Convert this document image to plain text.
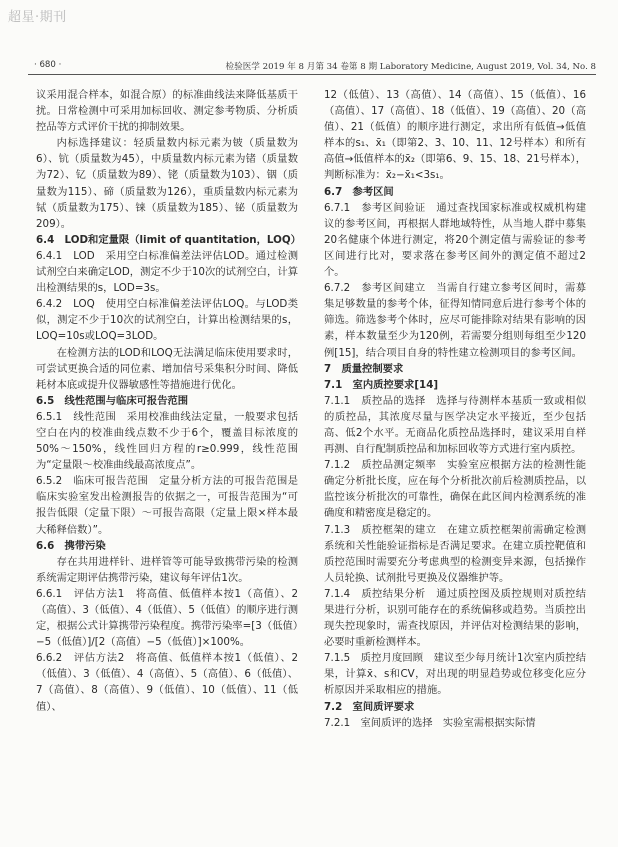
超星·期刊
· 680 ·	检验医学 2019 年 8 月第 34 卷第 8 期 Laboratory Medicine, August 2019, Vol. 34, No. 8

议采用混合样本，如混合原）的标准曲线法来降低基质干扰。日常检测中可采用加标回收、测定参考物质、分析质控品等方式评价干扰的抑制效果。

内标选择建议：轻质量数内标元素为铍（质量数为6）、钪（质量数为45），中质量数内标元素为锗（质量数为72）、钇（质量数为89）、铑（质量数为103）、铟（质量数为115）、碲（质量数为126），重质量数内标元素为铽（质量数为175）、铼（质量数为185）、铋（质量数为209）。

6.4　LOD和定量限（limit of quantitation，LOQ）

6.4.1　LOD　采用空白标准偏差法评估LOD。通过检测试剂空白来确定LOD，测定不少于10次的试剂空白，计算出检测结果的s，LOD=3s。

6.4.2　LOQ　使用空白标准偏差法评估LOQ。与LOD类似，测定不少于10次的试剂空白，计算出检测结果的s，LOQ=10s或LOQ=3LOD。

在检测方法的LOD和LOQ无法满足临床使用要求时，可尝试更换合适的同位素、增加信号采集积分时间、降低耗材本底或提升仪器敏感性等措施进行优化。

6.5　线性范围与临床可报告范围

6.5.1　线性范围　采用校准曲线法定量，一般要求包括空白在内的校准曲线点数不少于6个，覆盖目标浓度的50%～150%，线性回归方程的r≥0.999，线性范围为“定量限～校准曲线最高浓度点”。

6.5.2　临床可报告范围　定量分析方法的可报告范围是临床实验室发出检测报告的依据之一，可报告范围为“可报告低限（定量下限）～可报告高限（定量上限×样本最大稀释倍数）”。

6.6　携带污染

存在共用进样针、进样管等可能导致携带污染的检测系统需定期评估携带污染，建议每年评估1次。

6.6.1　评估方法1　将高值、低值样本按1（高值）、2（高值）、3（低值）、4（低值）、5（低值）的顺序进行测定，根据公式计算携带污染程度。携带污染率=[3（低值）−5（低值）]/[2（高值）−5（低值）]×100%。

6.6.2　评估方法2　将高值、低值样本按1（低值）、2（低值）、3（低值）、4（高值）、5（高值）、6（低值）、7（高值）、8（高值）、9（低值）、10（低值）、11（低值）、

12（低值）、13（高值）、14（高值）、15（低值）、16（高值）、17（高值）、18（低值）、19（高值）、20（高值）、21（低值）的顺序进行测定，求出所有低值→低值样本的s₁、x̄₁（即第2、3、10、11、12号样本）和所有高值→低值样本的x̄₂（即第6、9、15、18、21号样本），判断标准为：x̄₂−x̄₁<3s₁。

6.7　参考区间

6.7.1　参考区间验证　通过查找国家标准或权威机构建议的参考区间，再根据人群地域特性，从当地人群中募集20名健康个体进行测定，将20个测定值与需验证的参考区间进行比对，要求落在参考区间外的测定值不超过2个。

6.7.2　参考区间建立　当需自行建立参考区间时，需募集足够数量的参考个体，征得知情同意后进行参考个体的筛选。筛选参考个体时，应尽可能排除对结果有影响的因素，样本数量至少为120例，若需要分组则每组至少120例[15]，结合项目自身的特性建立检测项目的参考区间。

7　质量控制要求

7.1　室内质控要求[14]

7.1.1　质控品的选择　选择与待测样本基质一致或相似的质控品，其浓度尽量与医学决定水平接近，至少包括高、低2个水平。无商品化质控品选择时，建议采用自样再测、自行配制质控品和加标回收等方式进行室内质控。

7.1.2　质控品测定频率　实验室应根据方法的检测性能确定分析批长度，应在每个分析批次前后检测质控品，以监控该分析批次的可靠性，确保在此区间内检测系统的准确度和精密度是稳定的。

7.1.3　质控框架的建立　在建立质控框架前需确定检测系统和关性能验证指标是否满足要求。在建立质控靶值和质控范围时需要充分考虑典型的检测变异来源，包括操作人员轮换、试剂批号更换及仪器维护等。

7.1.4　质控结果分析　通过质控图及质控规则对质控结果进行分析，识别可能存在的系统偏移或趋势。当质控出现失控现象时，需查找原因，并评估对检测结果的影响，必要时重新检测样本。

7.1.5　质控月度回顾　建议至少每月统计1次室内质控结果，计算x̄、s和CV，对出现的明显趋势或位移变化应分析原因并采取相应的措施。

7.2　室间质评要求

7.2.1　室间质评的选择　实验室需根据实际情
